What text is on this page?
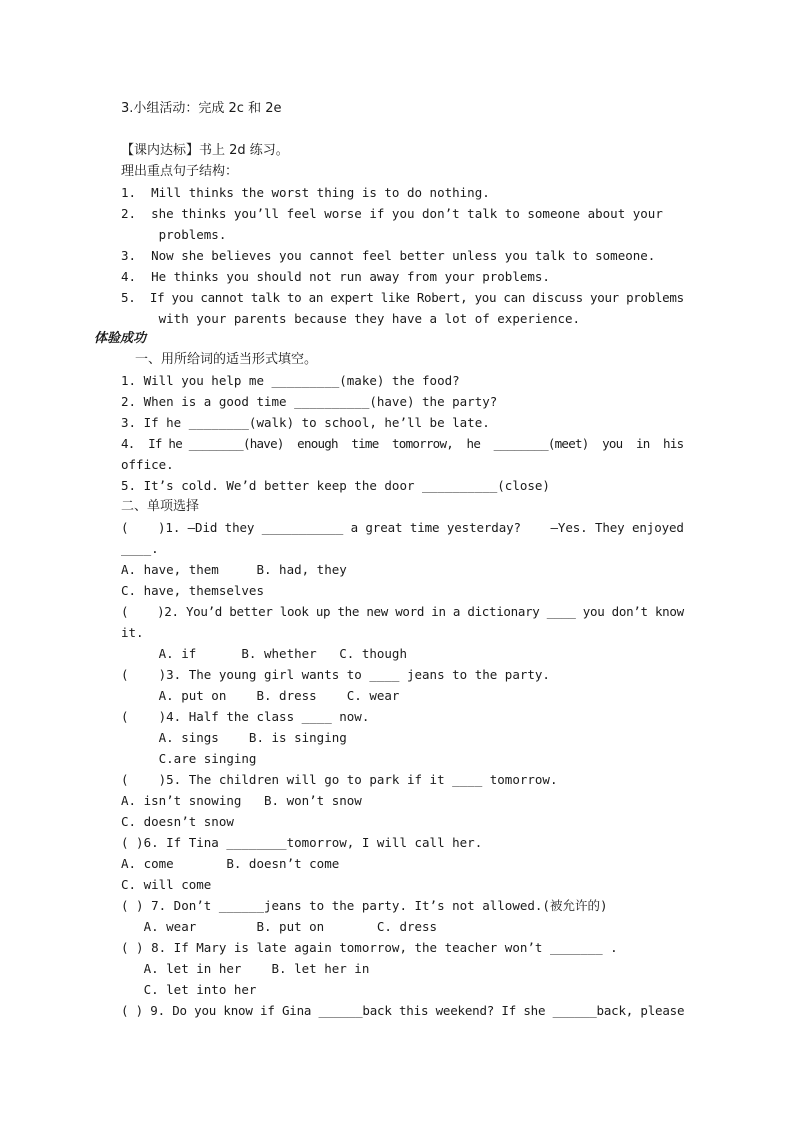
3.小组活动：完成 2c 和 2e
【课内达标】书上 2d 练习。
理出重点句子结构：
1.  Mill thinks the worst thing is to do nothing.
2.  she thinks you’ll feel worse if you don’t talk to someone about your
problems.
3.  Now she believes you cannot feel better unless you talk to someone.
4.  He thinks you should not run away from your problems.
5.  If you cannot talk to an expert like Robert, you can discuss your problems
with your parents because they have a lot of experience.
体验成功
一、用所给词的适当形式填空。
1. Will you help me _________(make) the food?
2. When is a good time __________(have) the party?
3. If he ________(walk) to school, he’ll be late.
4.  If he ________(have)  enough  time  tomorrow,  he  ________(meet)  you  in  his
office.
5. It’s cold. We’d better keep the door __________(close)
二、单项选择
(    )1. —Did they ___________ a great time yesterday?    —Yes. They enjoyed
____.
A. have, them     B. had, they
C. have, themselves
(    )2. You’d better look up the new word in a dictionary ____ you don’t know
it.
A. if      B. whether   C. though
(    )3. The young girl wants to ____ jeans to the party.
A. put on    B. dress    C. wear
(    )4. Half the class ____ now.
A. sings    B. is singing
C.are singing
(    )5. The children will go to park if it ____ tomorrow.
A. isn’t snowing   B. won’t snow
C. doesn’t snow
( )6. If Tina ________tomorrow, I will call her.
A. come       B. doesn’t come
C. will come
( ) 7. Don’t ______jeans to the party. It’s not allowed.(被允许的)
A. wear        B. put on       C. dress
( ) 8. If Mary is late again tomorrow, the teacher won’t _______ .
A. let in her    B. let her in
C. let into her
( ) 9. Do you know if Gina ______back this weekend? If she ______back, please
